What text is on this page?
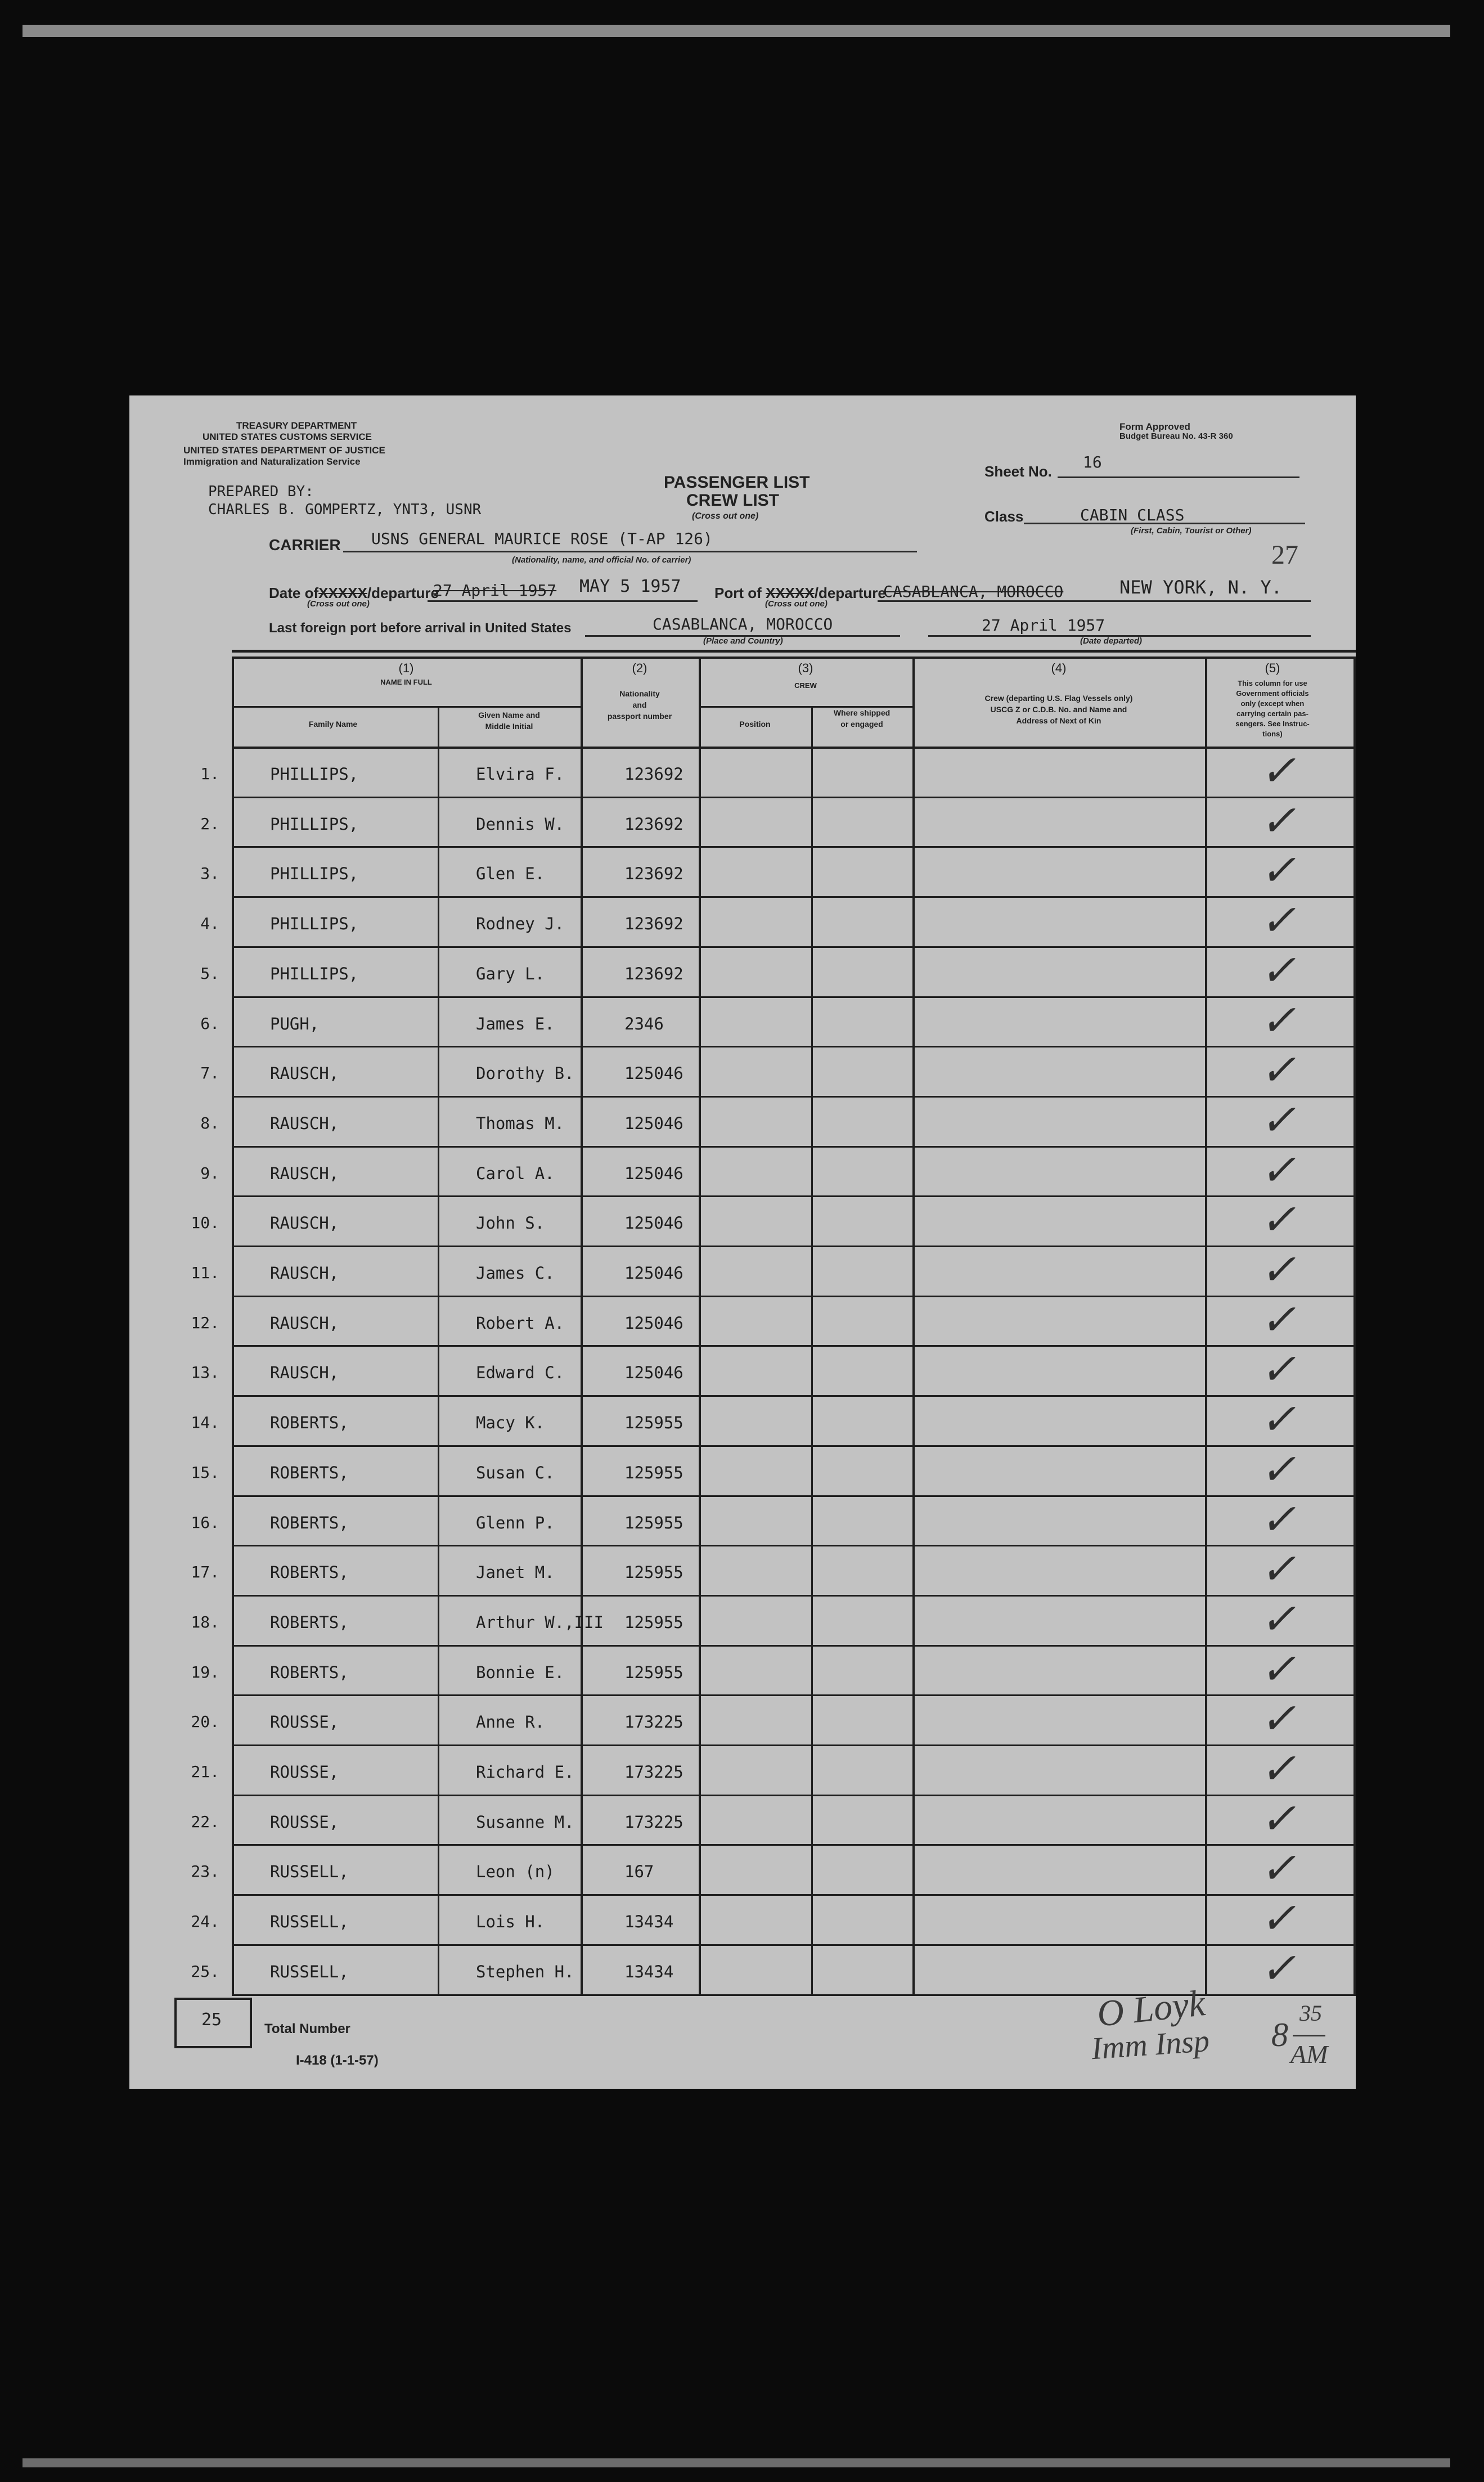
TREASURY DEPARTMENT
UNITED STATES CUSTOMS SERVICE
UNITED STATES DEPARTMENT OF JUSTICE
Immigration and Naturalization Service
Form Approved
Budget Bureau No. 43-R 360
PREPARED BY:
CHARLES B. GOMPERTZ, YNT3, USNR
PASSENGER LIST
CREW LIST
(Cross out one)
Sheet No. 16
Class	CABIN CLASS
(First, Cabin, Tourist or Other)
CARRIER USNS GENERAL MAURICE ROSE (T-AP 126)
(Nationality, name, and official No. of carrier)	27
Date ofXXXXX/departure
(Cross out one)
27 April 1957 MAY 5 1957 Port of XXXXX/departure
(Cross out one)
CASABLANCA, MOROCCO	NEW YORK, N. Y.
Last foreign port before arrival in United States	CASABLANCA, MOROCCO
(Place and Country)
27 April 1957
(Date departed)
(1)
NAME IN FULL
Family Name
Given Name and
Middle Initial
(2)
Nationality
and
passport number
(3)
CREW
Position
Where shipped
or engaged
(4)
Crew (departing U.S. Flag Vessels only)
USCG Z or C.D.B. No. and Name and
Address of Next of Kin
(5)
This column for use
Government officials
only (except when
carrying certain pas-
sengers. See Instruc-
tions)
1.	PHILLIPS,	Elvira F.	123692	✓
2.	PHILLIPS,	Dennis W.	123692	✓
3.	PHILLIPS,	Glen E.	123692	✓
4.	PHILLIPS,	Rodney J.	123692	✓
5.	PHILLIPS,	Gary L.	123692	✓
6.	PUGH,	James E.	2346	✓
7.	RAUSCH,	Dorothy B.	125046	✓
8.	RAUSCH,	Thomas M.	125046	✓
9.	RAUSCH,	Carol A.	125046	✓
10.	RAUSCH,	John S.	125046	✓
11.	RAUSCH,	James C.	125046	✓
12.	RAUSCH,	Robert A.	125046	✓
13.	RAUSCH,	Edward C.	125046	✓
14.	ROBERTS,	Macy K.	125955	✓
15.	ROBERTS,	Susan C.	125955	✓
16.	ROBERTS,	Glenn P.	125955	✓
17.	ROBERTS,	Janet M.	125955	✓
18.	ROBERTS,	Arthur W.,III 125955	✓
19.	ROBERTS,	Bonnie E.	125955	✓
20.	ROUSSE,	Anne R.	173225	✓
21.	ROUSSE,	Richard E.	173225	✓
22.	ROUSSE,	Susanne M.	173225	✓
23.	RUSSELL,	Leon (n)	167	✓
24.	RUSSELL,	Lois H.	13434	✓
25.	RUSSELL,	Stephen H.	13434	✓
25	Total Number
I-418 (1-1-57)
O Loyk
Imm Insp 8
35
AM
